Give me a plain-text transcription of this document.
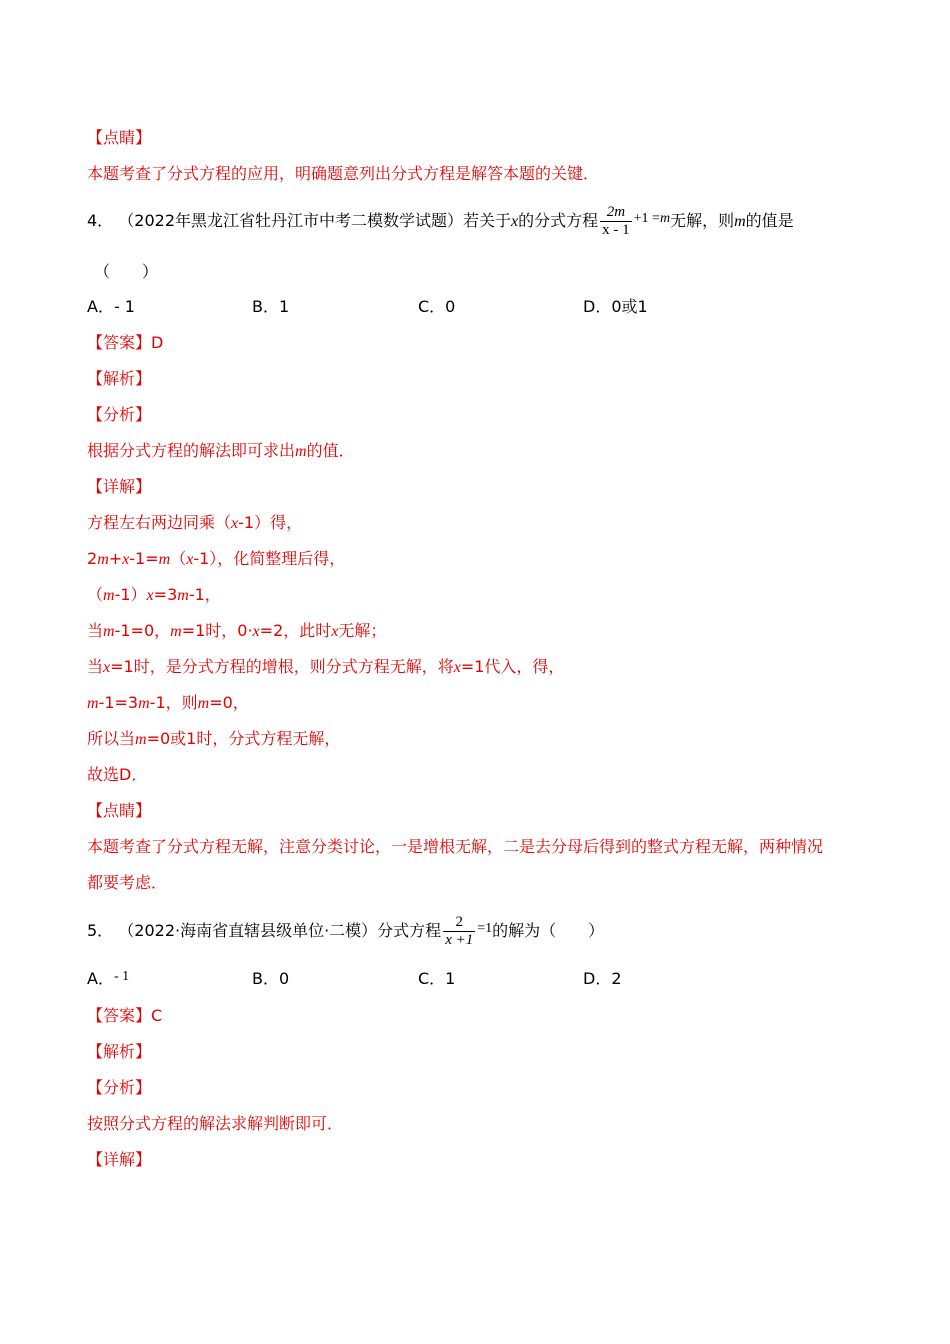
【点睛】
本题考查了分式方程的应用，明确题意列出分式方程是解答本题的关键．
4． （2022年黑龙江省牡丹江市中考二模数学试题）若关于x的分式方程 $\frac{2m}{x - 1} +1 =m$无解，则m的值是
（　　）
A．- 1	B．1	C．0	D．0或1
【答案】D
【解析】
【分析】
根据分式方程的解法即可求出m的值．
【详解】
方程左右两边同乘（x-1）得，
2m+x-1=m（x-1），化简整理后得，
（m-1）x=3m-1，
当m-1=0，m=1时，0·x=2，此时x无解；
当x=1时，是分式方程的增根，则分式方程无解，将x=1代入，得，
m-1=3m-1，则m=0，
所以当m=0或1时，分式方程无解，
故选D．
【点睛】
本题考查了分式方程无解，注意分类讨论，一是增根无解，二是去分母后得到的整式方程无解，两种情况
都要考虑．
5． （2022·海南省直辖县级单位·二模）分式方程 $\frac{2}{x +1} =1$的解为（　　）
A．- 1	B．0	C．1	D．2
【答案】C
【解析】
【分析】
按照分式方程的解法求解判断即可．
【详解】
